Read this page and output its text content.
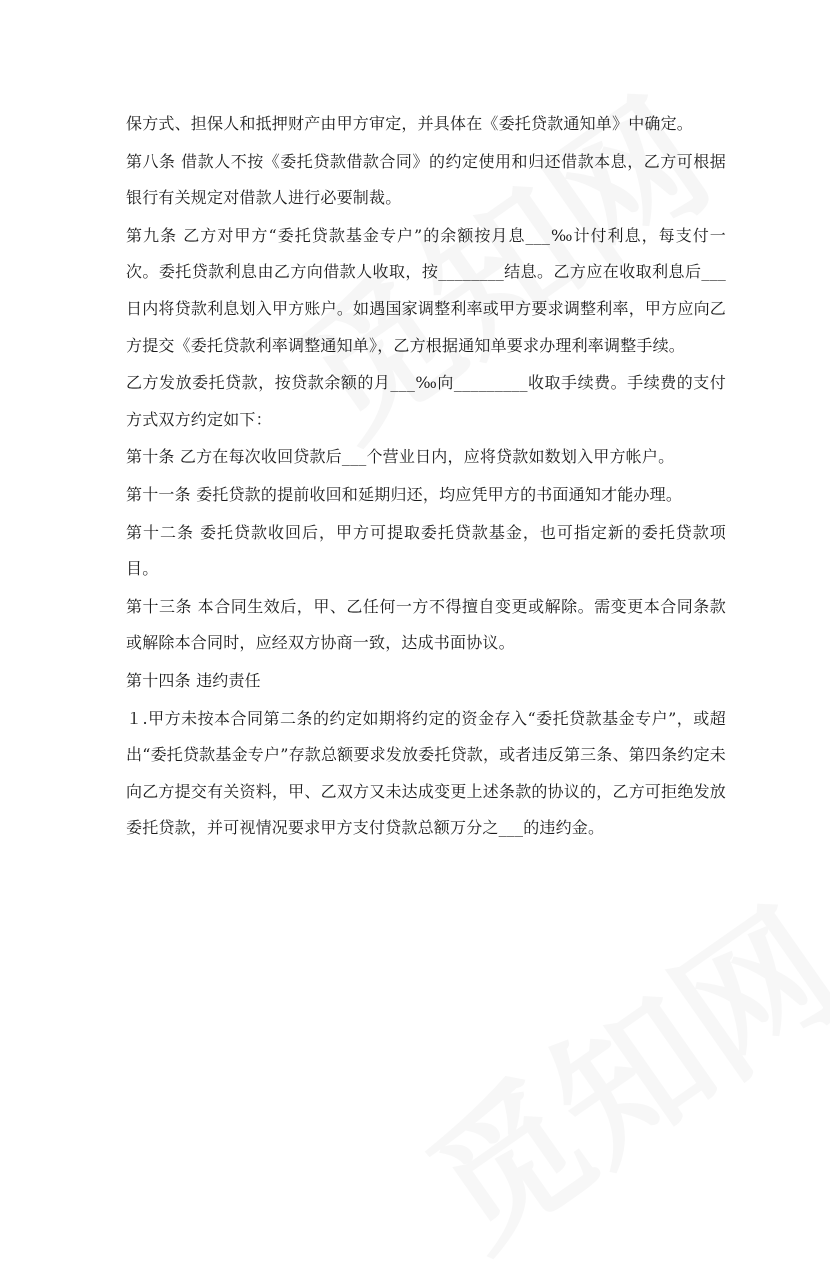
保方式、担保人和抵押财产由甲方审定，并具体在《委托贷款通知单》中确定。

第八条 借款人不按《委托贷款借款合同》的约定使用和归还借款本息，乙方可根据银行有关规定对借款人进行必要制裁。

第九条 乙方对甲方“委托贷款基金专户”的余额按月息___‰计付利息，每支付一次。委托贷款利息由乙方向借款人收取，按________结息。乙方应在收取利息后___日内将贷款利息划入甲方账户。如遇国家调整利率或甲方要求调整利率，甲方应向乙方提交《委托贷款利率调整通知单》，乙方根据通知单要求办理利率调整手续。

乙方发放委托贷款，按贷款余额的月___‰向_________收取手续费。手续费的支付方式双方约定如下：

第十条 乙方在每次收回贷款后___个营业日内，应将贷款如数划入甲方帐户。

第十一条 委托贷款的提前收回和延期归还，均应凭甲方的书面通知才能办理。

第十二条 委托贷款收回后，甲方可提取委托贷款基金，也可指定新的委托贷款项目。

第十三条 本合同生效后，甲、乙任何一方不得擅自变更或解除。需变更本合同条款或解除本合同时，应经双方协商一致，达成书面协议。

第十四条 违约责任

１.甲方未按本合同第二条的约定如期将约定的资金存入“委托贷款基金专户”，或超出“委托贷款基金专户”存款总额要求发放委托贷款，或者违反第三条、第四条约定未向乙方提交有关资料，甲、乙双方又未达成变更上述条款的协议的，乙方可拒绝发放委托贷款，并可视情况要求甲方支付贷款总额万分之___的违约金。
